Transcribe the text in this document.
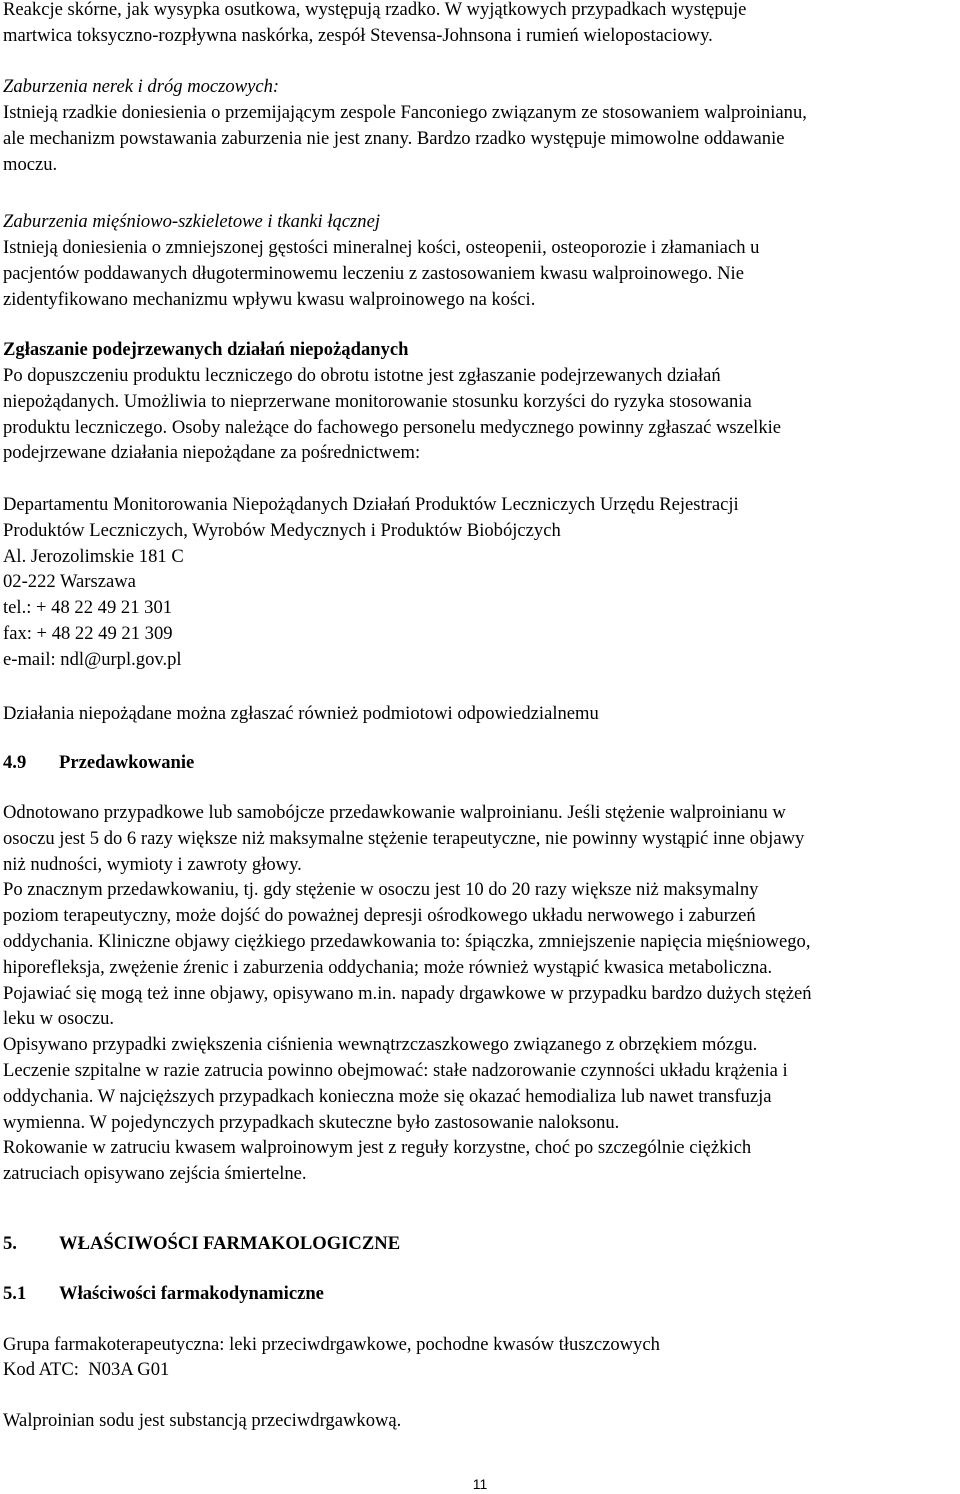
Reakcje skórne, jak wysypka osutkowa, występują rzadko. W wyjątkowych przypadkach występuje
martwica toksyczno-rozpływna naskórka, zespół Stevensa-Johnsona i rumień wielopostaciowy.

Zaburzenia nerek i dróg moczowych:

Istnieją rzadkie doniesienia o przemijającym zespole Fanconiego związanym ze stosowaniem walproinianu,
ale mechanizm powstawania zaburzenia nie jest znany. Bardzo rzadko występuje mimowolne oddawanie
moczu.

Zaburzenia mięśniowo-szkieletowe i tkanki łącznej

Istnieją doniesienia o zmniejszonej gęstości mineralnej kości, osteopenii, osteoporozie i złamaniach u
pacjentów poddawanych długoterminowemu leczeniu z zastosowaniem kwasu walproinowego. Nie
zidentyfikowano mechanizmu wpływu kwasu walproinowego na kości.

Zgłaszanie podejrzewanych działań niepożądanych

Po dopuszczeniu produktu leczniczego do obrotu istotne jest zgłaszanie podejrzewanych działań
niepożądanych. Umożliwia to nieprzerwane monitorowanie stosunku korzyści do ryzyka stosowania
produktu leczniczego. Osoby należące do fachowego personelu medycznego powinny zgłaszać wszelkie
podejrzewane działania niepożądane za pośrednictwem:

Departamentu Monitorowania Niepożądanych Działań Produktów Leczniczych Urzędu Rejestracji

Produktów Leczniczych, Wyrobów Medycznych i Produktów Biobójczych

Al. Jerozolimskie 181 C

02-222 Warszawa

tel.: + 48 22 49 21 301

fax: + 48 22 49 21 309

e-mail: ndl@urpl.gov.pl

Działania niepożądane można zgłaszać również podmiotowi odpowiedzialnemu

4.9 Przedawkowanie

Odnotowano przypadkowe lub samobójcze przedawkowanie walproinianu. Jeśli stężenie walproinianu w
osoczu jest 5 do 6 razy większe niż maksymalne stężenie terapeutyczne, nie powinny wystąpić inne objawy
niż nudności, wymioty i zawroty głowy.

Po znacznym przedawkowaniu, tj. gdy stężenie w osoczu jest 10 do 20 razy większe niż maksymalny
poziom terapeutyczny, może dojść do poważnej depresji ośrodkowego układu nerwowego i zaburzeń
oddychania. Kliniczne objawy ciężkiego przedawkowania to: śpiączka, zmniejszenie napięcia mięśniowego,
hiporefleksja, zwężenie źrenic i zaburzenia oddychania; może również wystąpić kwasica metaboliczna.
Pojawiać się mogą też inne objawy, opisywano m.in. napady drgawkowe w przypadku bardzo dużych stężeń
leku w osoczu.

Opisywano przypadki zwiększenia ciśnienia wewnątrzczaszkowego związanego z obrzękiem mózgu.

Leczenie szpitalne w razie zatrucia powinno obejmować: stałe nadzorowanie czynności układu krążenia i
oddychania. W najcięższych przypadkach konieczna może się okazać hemodializa lub nawet transfuzja
wymienna. W pojedynczych przypadkach skuteczne było zastosowanie naloksonu.

Rokowanie w zatruciu kwasem walproinowym jest z reguły korzystne, choć po szczególnie ciężkich
zatruciach opisywano zejścia śmiertelne.

5. WŁAŚCIWOŚCI FARMAKOLOGICZNE

5.1 Właściwości farmakodynamiczne

Grupa farmakoterapeutyczna: leki przeciwdrgawkowe, pochodne kwasów tłuszczowych

Kod ATC:  N03A G01

Walproinian sodu jest substancją przeciwdrgawkową.

11
